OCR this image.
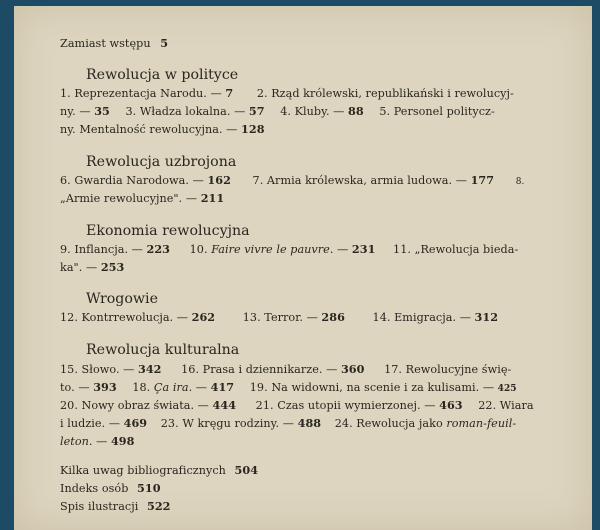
Zamiast wstępu 5
Rewolucja w polityce
1. Reprezentacja Narodu. — 7 2. Rząd królewski, republikański i rewolucyj-
ny. — 35 3. Władza lokalna. — 57 4. Kluby. — 88 5. Personel politycz-
ny. Mentalność rewolucyjna. — 128
Rewolucja uzbrojona
6. Gwardia Narodowa. — 162 7. Armia królewska, armia ludowa. — 177 8.
„Armie rewolucyjne". — 211
Ekonomia rewolucyjna
9. Inflancja. — 223 10. Faire vivre le pauvre. — 231 11. „Rewolucja bieda-
ka". — 253
Wrogowie
12. Kontrrewolucja. — 262 13. Terror. — 286 14. Emigracja. — 312
Rewolucja kulturalna
15. Słowo. — 342 16. Prasa i dziennikarze. — 360 17. Rewolucyjne świę-
to. — 393 18. Ça ira. — 417 19. Na widowni, na scenie i za kulisami. — 425
20. Nowy obraz świata. — 444 21. Czas utopii wymierzonej. — 463 22. Wiara
i ludzie. — 469 23. W kręgu rodziny. — 488 24. Rewolucja jako roman-feuil-
leton. — 498
Kilka uwag bibliograficznych 504
Indeks osób 510
Spis ilustracji 522
